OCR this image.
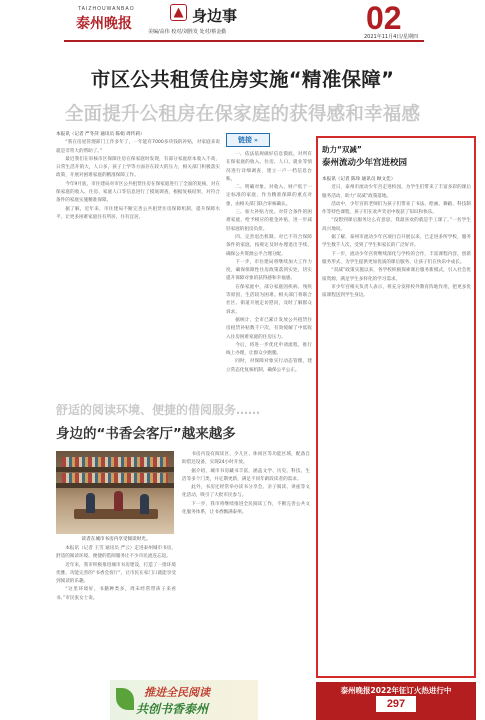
TAIZHOUWANBAO
泰州晚报	身边事
美编/高伟 校对/刘胜发 处对/蔡金勤	02
2021年11月4日/星期四
市区公共租赁住房实施“精准保障”
全面提升公租房在保家庭的获得感和幸福感
本报讯（记者 严冬萍 通讯员 陈娟 周传莉）

“我在房屋管理部门工作多年了，一年能有7000多块钱的补贴，对家庭来说就是非常大的帮助了。”

最近我们在审核市区保障住房在保家庭时发现，有部分家庭原本收入不高，日常生活开销大，人口多，孩子上学等方面存在较大的压力，相关部门积极落实政策，开展对困难家庭的精准保障工作。

今年9月底，市住建局对市区公共租赁住房在保家庭进行了全面的复核，对在保家庭的收入、住房、家庭人口等信息进行了摸底调查，根据复核结果，对符合条件的家庭实施精准保障。

据了解，近年来，市住建局不断完善公共租赁住房保障机制，提升保障水平，让更多困难家庭住有所居、住有宜居。

链接 »

一、依法依规做好信息摸底。对所有在保家庭的收入、住房、人口、就业等情况进行详细调查，建立一户一档信息台账。

二、明确对象。对收入、财产低于一定标准的家庭，作为精准保障的重点对象，由相关部门联合审核确认。

三、加大补贴力度。对符合条件的困难家庭，给予相应的租金补贴，进一步减轻家庭的租房负担。

四、完善退出机制。对已不符合保障条件的家庭，按规定及时办理退出手续，确保公共资源公平合理分配。

下一步，市住建局将继续加大工作力度，确保保障性住房政策落到实处，切实提升保障对象的获得感和幸福感。

在保家庭中，部分家庭因疾病、残疾等原因，生活较为困难。相关部门将联合社区、街道开展走访慰问，及时了解群众诉求。

据统计，全市已累计发放公共租赁住房租赁补贴数千户次，有效缓解了中低收入住房困难家庭的住房压力。

今后，将进一步优化申请流程，推行线上办理，让群众少跑腿。

同时，对保障对象实行动态管理，建立常态化复核机制，确保公平公正。

助力“双减”
泰州流动少年宫进校园
本报讯（记者 陈珍 通讯员 顾文佳）

近日，泰州市流动少年宫走进校园，为学生们带来了丰富多彩的课后服务活动，助力“双减”政策落地。

活动中，少年宫的老师们为孩子们带来了书法、绘画、舞蹈、科技制作等特色课程，孩子们在欢声笑语中收获了知识和快乐。

“没想到课后服务这么有意思，我最喜欢的就是手工课了。”一名学生高兴地说。

据了解，泰州市流动少年宫项目自开展以来，已走进多所学校，服务学生数千人次，受到了学生和家长的广泛好评。

下一步，流动少年宫将继续深化与学校的合作，丰富课程内容，创新服务形式，为学生提供更加优质的课后服务，让孩子们在快乐中成长。

“双减”政策实施以来，各学校积极探索课后服务新模式，引入社会优质资源，满足学生多样化的学习需求。

市少年宫相关负责人表示，将充分发挥校外教育阵地作用，把更多优质课程送到学生身边。

舒适的阅读环境、便捷的借阅服务……
身边的“书香会客厅”越来越多
读者在城市书房内享受阅读时光。

本报讯（记者 王雪 通讯员 严云）走进泰州城市书房，舒适的阅读环境、便捷的借阅服务让不少市民流连忘返。

近年来，我市积极推进城市书房建设，打造了一批环境优雅、功能完善的“书香会客厅”，让市民在家门口就能享受到阅读的乐趣。

“这里环境好，书籍种类多，周末经常带孩子来看书。”市民张女士说。

书房内设有阅读区、少儿区、休闲区等功能区域，配备自助借还设备，实现24小时开放。

据介绍，城市书房藏书丰富，涵盖文学、历史、科技、生活等多个门类，并定期更新，满足不同年龄段读者的需求。

此外，书房还经常举办读书分享会、亲子阅读、讲座等文化活动，吸引了大批市民参与。

下一步，我市将继续推进全民阅读工作，不断完善公共文化服务体系，让书香飘满泰州。

推进全民阅读
共创书香泰州
泰州晚报2022年征订火热进行中
297
